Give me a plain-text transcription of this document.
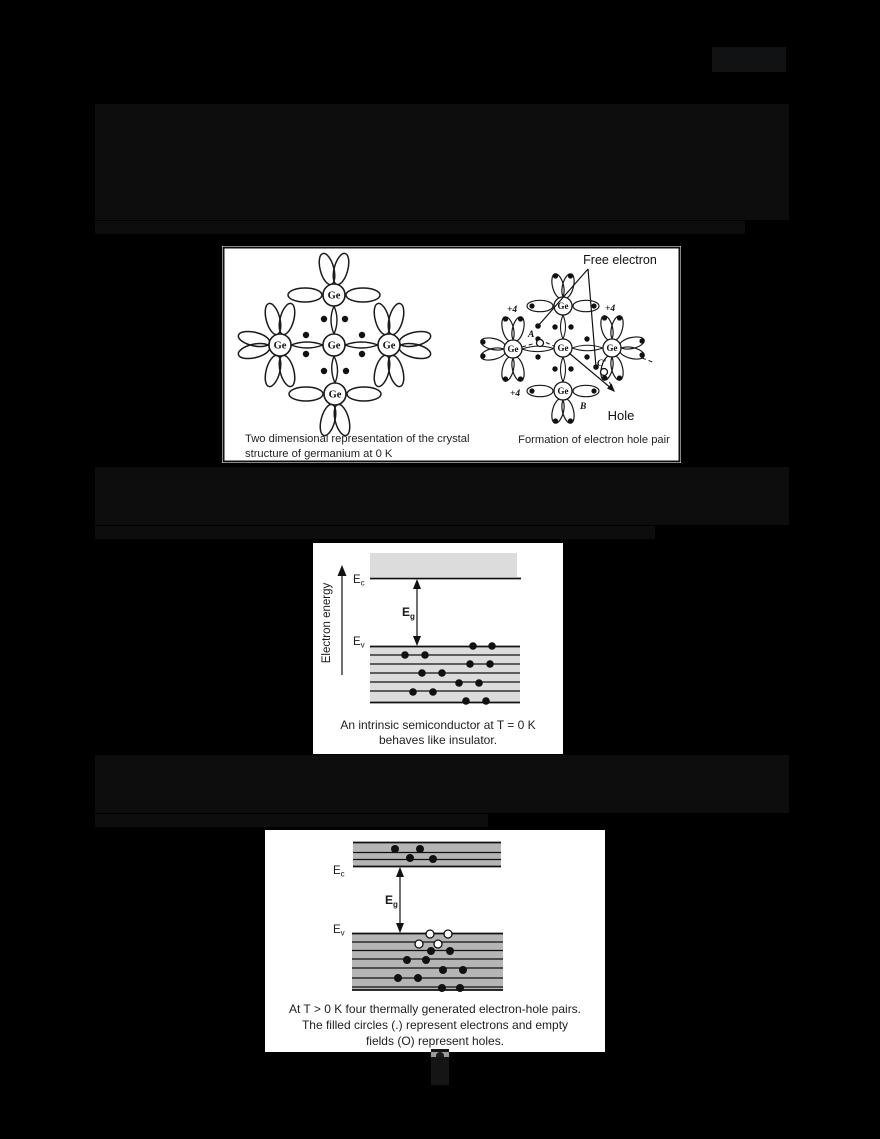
Ge
Ge	Ge	Ge
Ge
Two dimensional representation of the crystal
structure of germanium at 0 K
Ge
Ge	Ge	Ge
Ge
+4	+4
+4
A
B
C'
Free electron
Hole
Formation of electron hole pair
Electron energy
$E_c$
$E_g$
$E_v$
An intrinsic semiconductor at T = 0 K
behaves like insulator.
$E_c$
$E_g$
$E_v$
At T > 0 K four thermally generated electron-hole pairs.
The filled circles (.) represent electrons and empty
fields (O) represent holes.
